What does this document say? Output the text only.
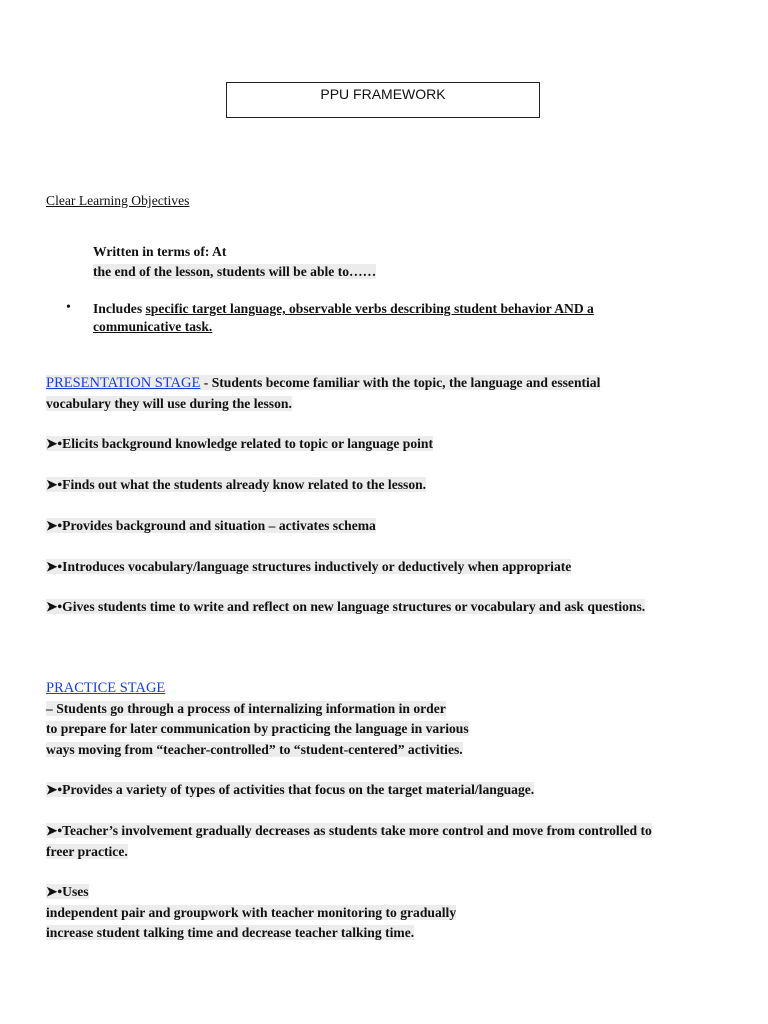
PPU FRAMEWORK
Clear Learning Objectives
Written in terms of: At
the end of the lesson, students will be able to……
• Includes specific target language, observable verbs describing student behavior AND a
communicative task.
PRESENTATION STAGE - Students become familiar with the topic, the language and essential
vocabulary they will use during the lesson.
➤•Elicits background knowledge related to topic or language point
➤•Finds out what the students already know related to the lesson.
➤•Provides background and situation – activates schema
➤•Introduces vocabulary/language structures inductively or deductively when appropriate
➤•Gives students time to write and reflect on new language structures or vocabulary and ask questions.
PRACTICE STAGE
– Students go through a process of internalizing information in order
to prepare for later communication by practicing the language in various
ways moving from “teacher-controlled” to “student-centered” activities.
➤•Provides a variety of types of activities that focus on the target material/language.
➤•Teacher’s involvement gradually decreases as students take more control and move from controlled to
freer practice.
➤•Uses
independent pair and groupwork with teacher monitoring to gradually
increase student talking time and decrease teacher talking time.
